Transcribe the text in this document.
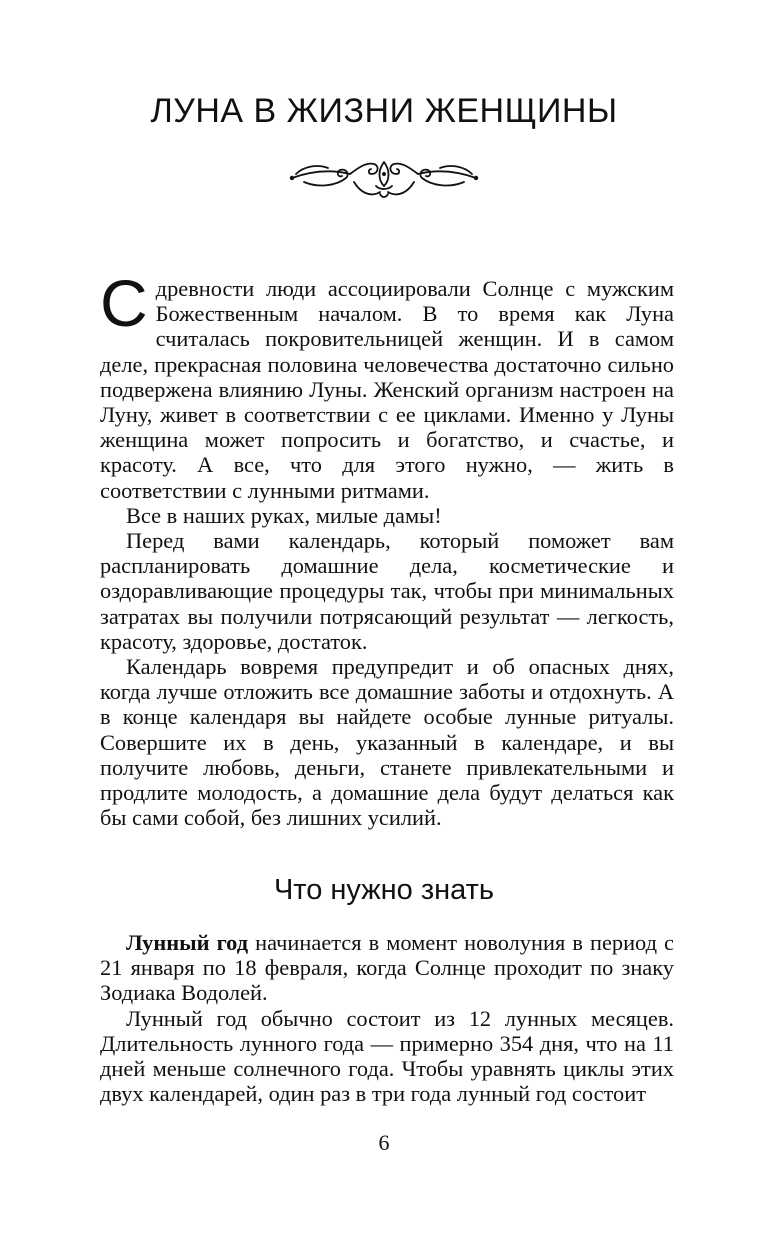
ЛУНА В ЖИЗНИ ЖЕНЩИНЫ

Сдревности люди ассоциировали Солнце с мужским Божественным началом. В то время как Луна считалась покровительницей женщин. И в самом деле, прекрасная половина человечества достаточно сильно подвержена влиянию Луны. Женский организм настроен на Луну, живет в соответствии с ее циклами. Именно у Луны женщина может попросить и богатство, и счастье, и красоту. А все, что для этого нужно, — жить в соответствии с лунными ритмами.

Все в наших руках, милые дамы!

Перед вами календарь, который поможет вам распланировать домашние дела, косметические и оздоравливающие процедуры так, чтобы при минимальных затратах вы получили потрясающий результат — легкость, красоту, здоровье, достаток.

Календарь вовремя предупредит и об опасных днях, когда лучше отложить все домашние заботы и отдохнуть. А в конце календаря вы найдете особые лунные ритуалы. Совершите их в день, указанный в календаре, и вы получите любовь, деньги, станете привлекательными и продлите молодость, а домашние дела будут делаться как бы сами собой, без лишних усилий.

Что нужно знать

Лунный год начинается в момент новолуния в период с 21 января по 18 февраля, когда Солнце проходит по знаку Зодиака Водолей.

Лунный год обычно состоит из 12 лунных месяцев. Длительность лунного года — примерно 354 дня, что на 11 дней меньше солнечного года. Чтобы уравнять циклы этих двух календарей, один раз в три года лунный год состоит

6
